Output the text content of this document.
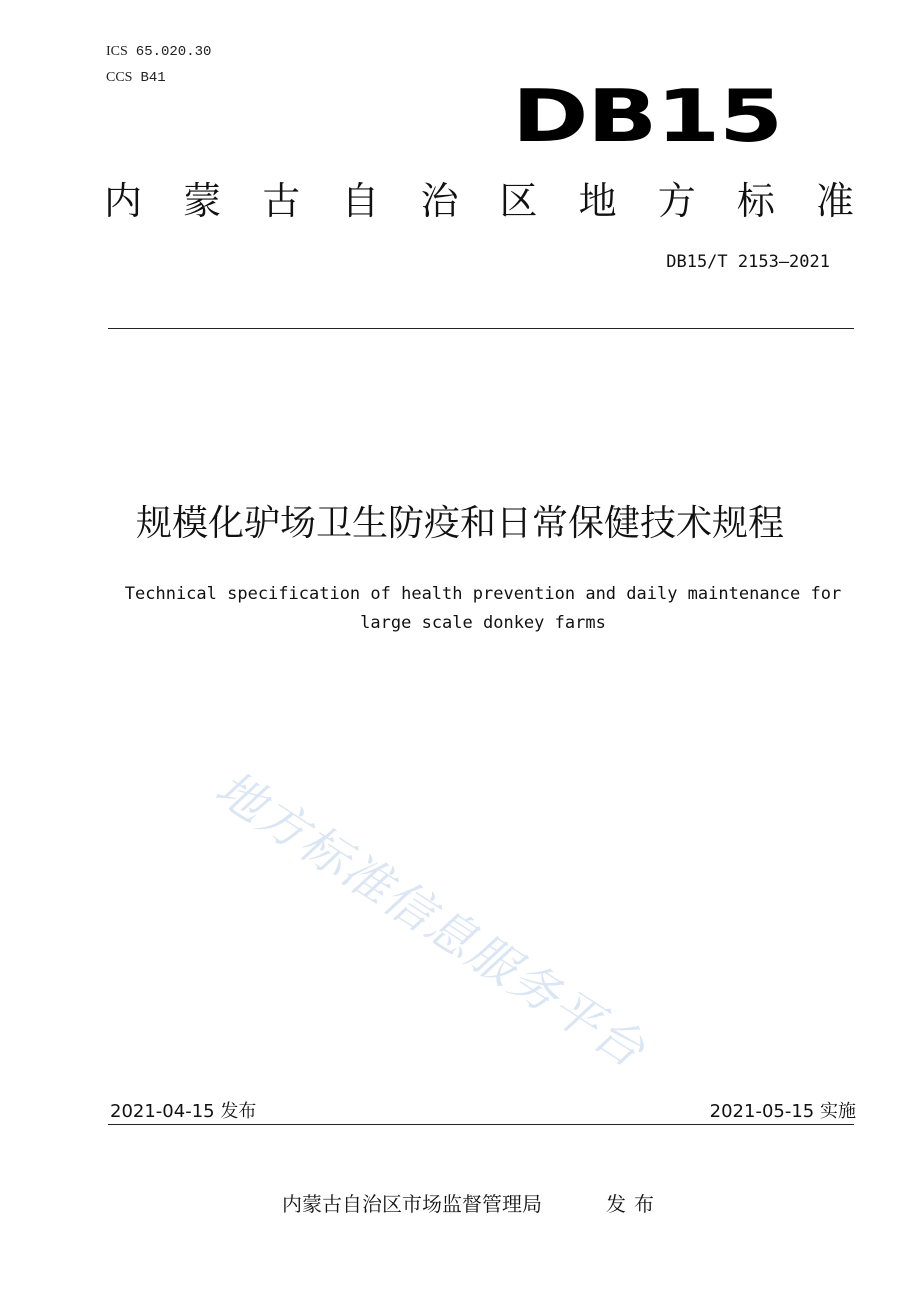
ICS 65.020.30
CCS B41	DB15
内 蒙 古 自 治 区 地 方 标 准
DB15/T 2153—2021
规模化驴场卫生防疫和日常保健技术规程
Technical specification of health prevention and daily maintenance for
large scale donkey farms
地方标准信息服务平台
2021-04-15 发布	2021-05-15 实施
内蒙古自治区市场监督管理局	发布
